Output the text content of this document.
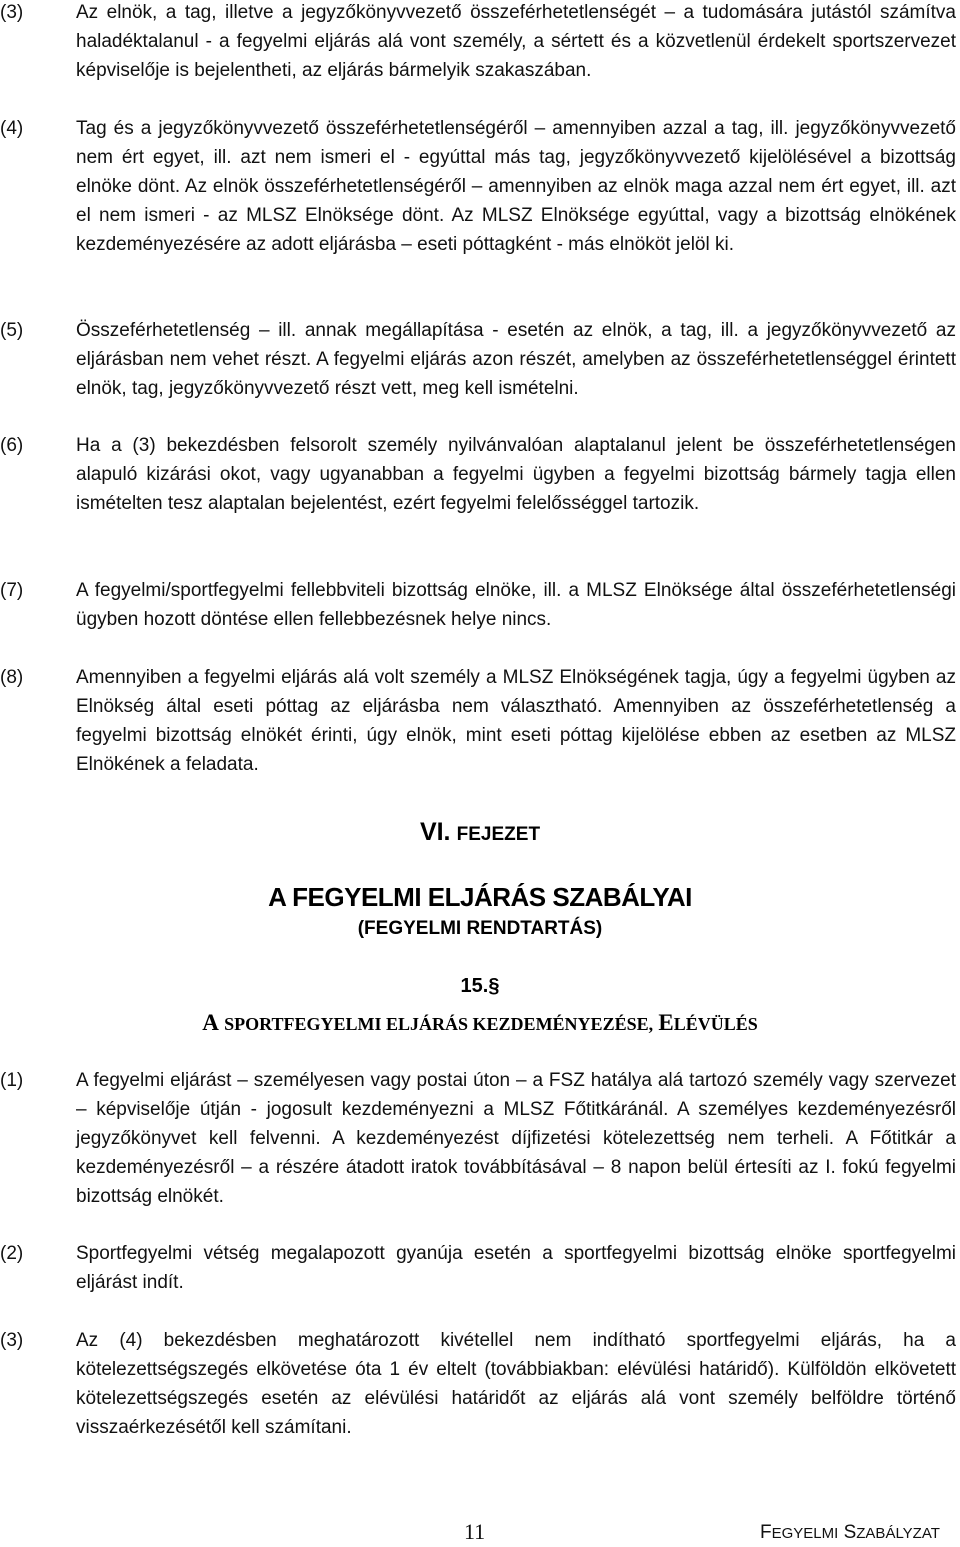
(3)	Az elnök, a tag, illetve a jegyzőkönyvvezető összeférhetetlenségét – a tudomására jutástól számítva haladéktalanul - a fegyelmi eljárás alá vont személy, a sértett és a közvetlenül érdekelt sportszervezet képviselője is bejelentheti, az eljárás bármelyik szakaszában.
(4)	Tag és a jegyzőkönyvvezető összeférhetetlenségéről – amennyiben azzal a tag, ill. jegyzőkönyvvezető nem ért egyet, ill. azt nem ismeri el - egyúttal más tag, jegyzőkönyvvezető kijelölésével a bizottság elnöke dönt. Az elnök összeférhetetlenségéről – amennyiben az elnök maga azzal nem ért egyet, ill. azt el nem ismeri - az MLSZ Elnöksége dönt. Az MLSZ Elnöksége egyúttal, vagy a bizottság elnökének kezdeményezésére az adott eljárásba – eseti póttagként - más elnököt jelöl ki.
(5)	Összeférhetetlenség – ill. annak megállapítása - esetén az elnök, a tag, ill. a jegyzőkönyvvezető az eljárásban nem vehet részt. A fegyelmi eljárás azon részét, amelyben az összeférhetetlenséggel érintett elnök, tag, jegyzőkönyvvezető részt vett, meg kell ismételni.
(6)	Ha a (3) bekezdésben felsorolt személy nyilvánvalóan alaptalanul jelent be összeférhetetlenségen alapuló kizárási okot, vagy ugyanabban a fegyelmi ügyben a fegyelmi bizottság bármely tagja ellen ismételten tesz alaptalan bejelentést, ezért fegyelmi felelősséggel tartozik.
(7)	A fegyelmi/sportfegyelmi fellebbviteli bizottság elnöke, ill. a MLSZ Elnöksége által összeférhetetlenségi ügyben hozott döntése ellen fellebbezésnek helye nincs.
(8)	Amennyiben a fegyelmi eljárás alá volt személy a MLSZ Elnökségének tagja, úgy a fegyelmi ügyben az Elnökség által eseti póttag az eljárásba nem választható. Amennyiben az összeférhetetlenség a fegyelmi bizottság elnökét érinti, úgy elnök, mint eseti póttag kijelölése ebben az esetben az MLSZ Elnökének a feladata.
VI. FEJEZET
A FEGYELMI ELJÁRÁS SZABÁLYAI
(FEGYELMI RENDTARTÁS)
15.§
A SPORTFEGYELMI ELJÁRÁS KEZDEMÉNYEZÉSE, ELÉVÜLÉS
(1)	A fegyelmi eljárást – személyesen vagy postai úton – a FSZ hatálya alá tartozó személy vagy szervezet – képviselője útján - jogosult kezdeményezni a MLSZ Főtitkáránál. A személyes kezdeményezésről jegyzőkönyvet kell felvenni. A kezdeményezést díjfizetési kötelezettség nem terheli. A Főtitkár a kezdeményezésről – a részére átadott iratok továbbításával – 8 napon belül értesíti az I. fokú fegyelmi bizottság elnökét.
(2)	Sportfegyelmi vétség megalapozott gyanúja esetén a sportfegyelmi bizottság elnöke sportfegyelmi eljárást indít.
(3)	Az (4) bekezdésben meghatározott kivétellel nem indítható sportfegyelmi eljárás, ha a kötelezettségszegés elkövetése óta 1 év eltelt (továbbiakban: elévülési határidő). Külföldön elkövetett kötelezettségszegés esetén az elévülési határidőt az eljárás alá vont személy belföldre történő visszaérkezésétől kell számítani.
11	FEGYELMI SZABÁLYZAT
